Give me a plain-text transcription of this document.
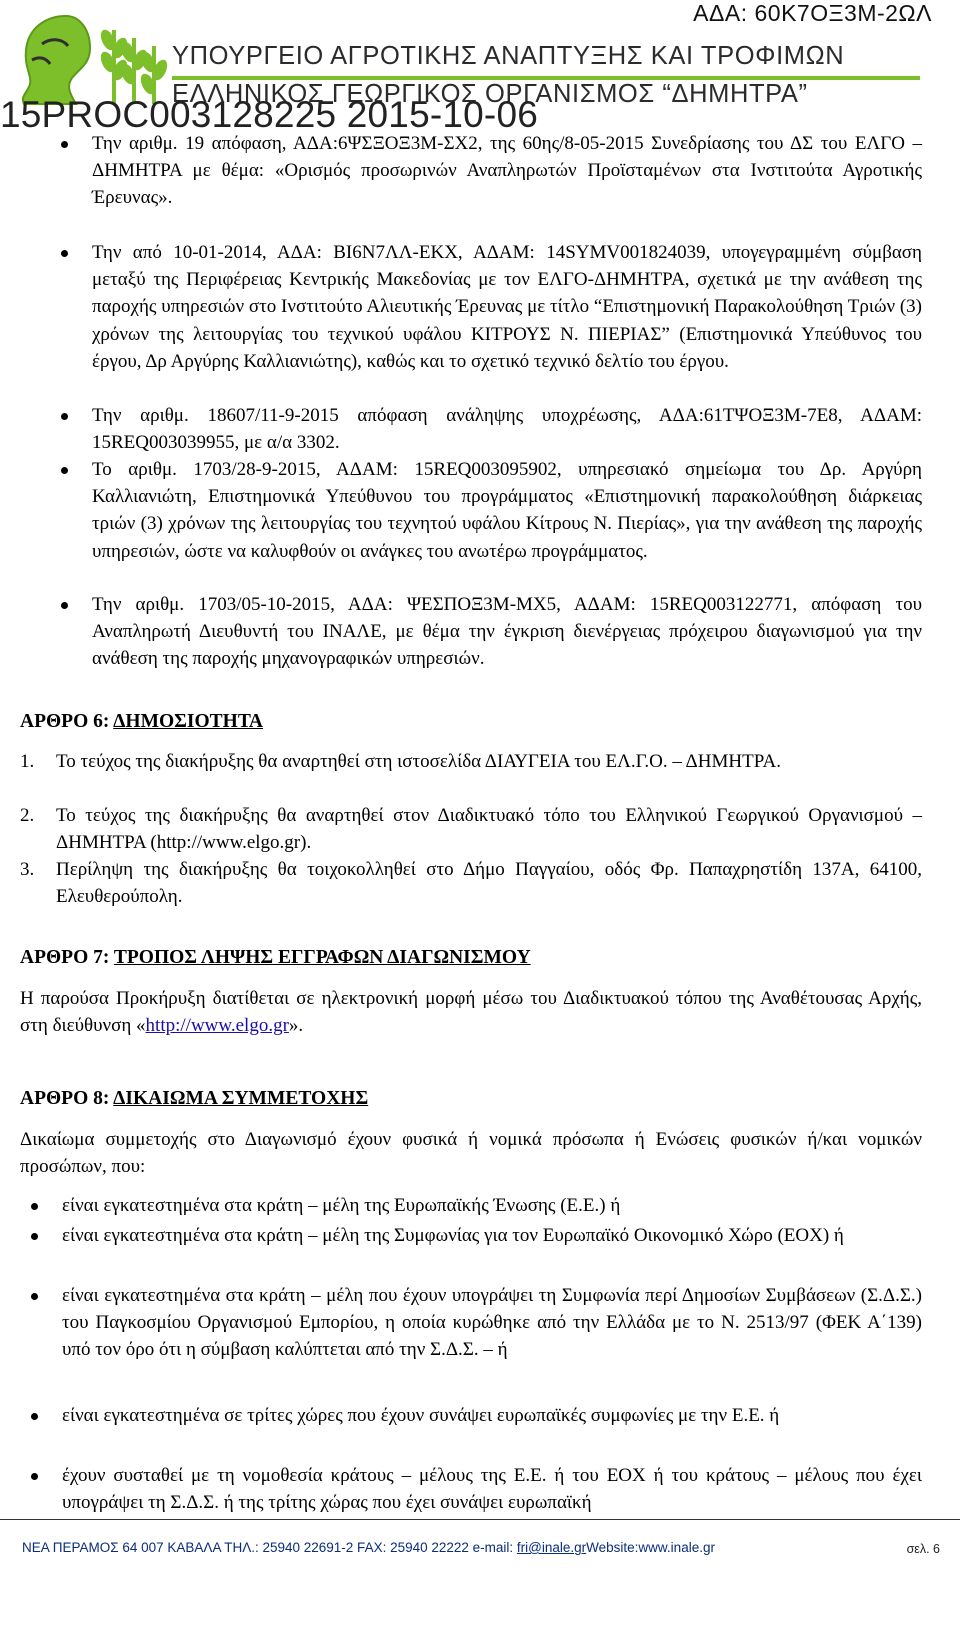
ΑΔΑ: 60Κ7ΟΞ3Μ-2ΩΛ
ΥΠΟΥΡΓΕΙΟ ΑΓΡΟΤΙΚΗΣ ΑΝΑΠΤΥΞΗΣ ΚΑΙ ΤΡΟΦΙΜΩΝ
ΕΛΛΗΝΙΚΟΣ ΓΕΩΡΓΙΚΟΣ ΟΡΓΑΝΙΣΜΟΣ “ΔΗΜΗΤΡΑ”
15PROC003128225 2015-10-06
Την αριθμ. 19 απόφαση, ΑΔΑ:6ΨΣΞΟΞ3Μ-ΣΧ2, της 60ης/8-05-2015 Συνεδρίασης του ΔΣ του ΕΛΓΟ – ΔΗΜΗΤΡΑ με θέμα: «Ορισμός προσωρινών Αναπληρωτών Προϊσταμένων στα Ινστιτούτα Αγροτικής Έρευνας».
Την από 10-01-2014, ΑΔΑ: ΒΙ6Ν7ΛΛ-ΕΚΧ, ΑΔΑΜ: 14SYMV001824039, υπογεγραμμένη σύμβαση μεταξύ της Περιφέρειας Κεντρικής Μακεδονίας με τον ΕΛΓΟ-ΔΗΜΗΤΡΑ, σχετικά με την ανάθεση της παροχής υπηρεσιών στο Ινστιτούτο Αλιευτικής Έρευνας με τίτλο “Επιστημονική Παρακολούθηση Τριών (3) χρόνων της λειτουργίας του τεχνικού υφάλου ΚΙΤΡΟΥΣ Ν. ΠΙΕΡΙΑΣ” (Επιστημονικά Υπεύθυνος του έργου, Δρ Αργύρης Καλλιανιώτης), καθώς και το σχετικό τεχνικό δελτίο του έργου.
Την αριθμ. 18607/11-9-2015 απόφαση ανάληψης υποχρέωσης, ΑΔΑ:61ΤΨΟΞ3Μ-7Ε8, ΑΔΑΜ: 15REQ003039955, με α/α 3302.
Το αριθμ. 1703/28-9-2015, ΑΔΑΜ: 15REQ003095902, υπηρεσιακό σημείωμα του Δρ. Αργύρη Καλλιανιώτη, Επιστημονικά Υπεύθυνου του προγράμματος «Επιστημονική παρακολούθηση διάρκειας τριών (3) χρόνων της λειτουργίας του τεχνητού υφάλου Κίτρους Ν. Πιερίας», για την ανάθεση της παροχής υπηρεσιών, ώστε να καλυφθούν οι ανάγκες του ανωτέρω προγράμματος.
Την αριθμ. 1703/05-10-2015, ΑΔΑ: ΨΕΣΠΟΞ3Μ-ΜΧ5, ΑΔΑΜ: 15REQ003122771, απόφαση του Αναπληρωτή Διευθυντή του ΙΝΑΛΕ, με θέμα την έγκριση διενέργειας πρόχειρου διαγωνισμού για την ανάθεση της παροχής μηχανογραφικών υπηρεσιών.
ΑΡΘΡΟ 6: ΔΗΜΟΣΙΟΤΗΤΑ
1. Το τεύχος της διακήρυξης θα αναρτηθεί στη ιστοσελίδα ΔΙΑΥΓΕΙΑ του ΕΛ.Γ.Ο. – ΔΗΜΗΤΡΑ.
2. Το τεύχος της διακήρυξης θα αναρτηθεί στον Διαδικτυακό τόπο του Ελληνικού Γεωργικού Οργανισμού – ΔΗΜΗΤΡΑ (http://www.elgo.gr).
3. Περίληψη της διακήρυξης θα τοιχοκολληθεί στο Δήμο Παγγαίου, οδός Φρ. Παπαχρηστίδη 137Α, 64100, Ελευθερούπολη.
ΑΡΘΡΟ 7: ΤΡΟΠΟΣ ΛΗΨΗΣ ΕΓΓΡΑΦΩΝ ΔΙΑΓΩΝΙΣΜΟΥ
Η παρούσα Προκήρυξη διατίθεται σε ηλεκτρονική μορφή μέσω του Διαδικτυακού τόπου της Αναθέτουσας Αρχής, στη διεύθυνση «http://www.elgo.gr».
ΑΡΘΡΟ 8: ΔΙΚΑΙΩΜΑ ΣΥΜΜΕΤΟΧΗΣ
Δικαίωμα συμμετοχής στο Διαγωνισμό έχουν φυσικά ή νομικά πρόσωπα ή Ενώσεις φυσικών ή/και νομικών προσώπων, που:
είναι εγκατεστημένα στα κράτη – μέλη της Ευρωπαϊκής Ένωσης (Ε.Ε.) ή
είναι εγκατεστημένα στα κράτη – μέλη της Συμφωνίας για τον Ευρωπαϊκό Οικονομικό Χώρο (ΕΟΧ) ή
είναι εγκατεστημένα στα κράτη – μέλη που έχουν υπογράψει τη Συμφωνία περί Δημοσίων Συμβάσεων (Σ.Δ.Σ.) του Παγκοσμίου Οργανισμού Εμπορίου, η οποία κυρώθηκε από την Ελλάδα με το Ν. 2513/97 (ΦΕΚ Α΄139) υπό τον όρο ότι η σύμβαση καλύπτεται από την Σ.Δ.Σ. – ή
είναι εγκατεστημένα σε τρίτες χώρες που έχουν συνάψει ευρωπαϊκές συμφωνίες με την Ε.Ε. ή
έχουν συσταθεί με τη νομοθεσία κράτους – μέλους της Ε.Ε. ή του ΕΟΧ ή του κράτους – μέλους που έχει υπογράψει τη Σ.Δ.Σ. ή της τρίτης χώρας που έχει συνάψει ευρωπαϊκή
ΝΕΑ ΠΕΡΑΜΟΣ 64 007 ΚΑΒΑΛΑ ΤΗΛ.: 25940 22691-2 FAX: 25940 22222 e-mail: fri@inale.grWebsite:www.inale.gr	σελ. 6
